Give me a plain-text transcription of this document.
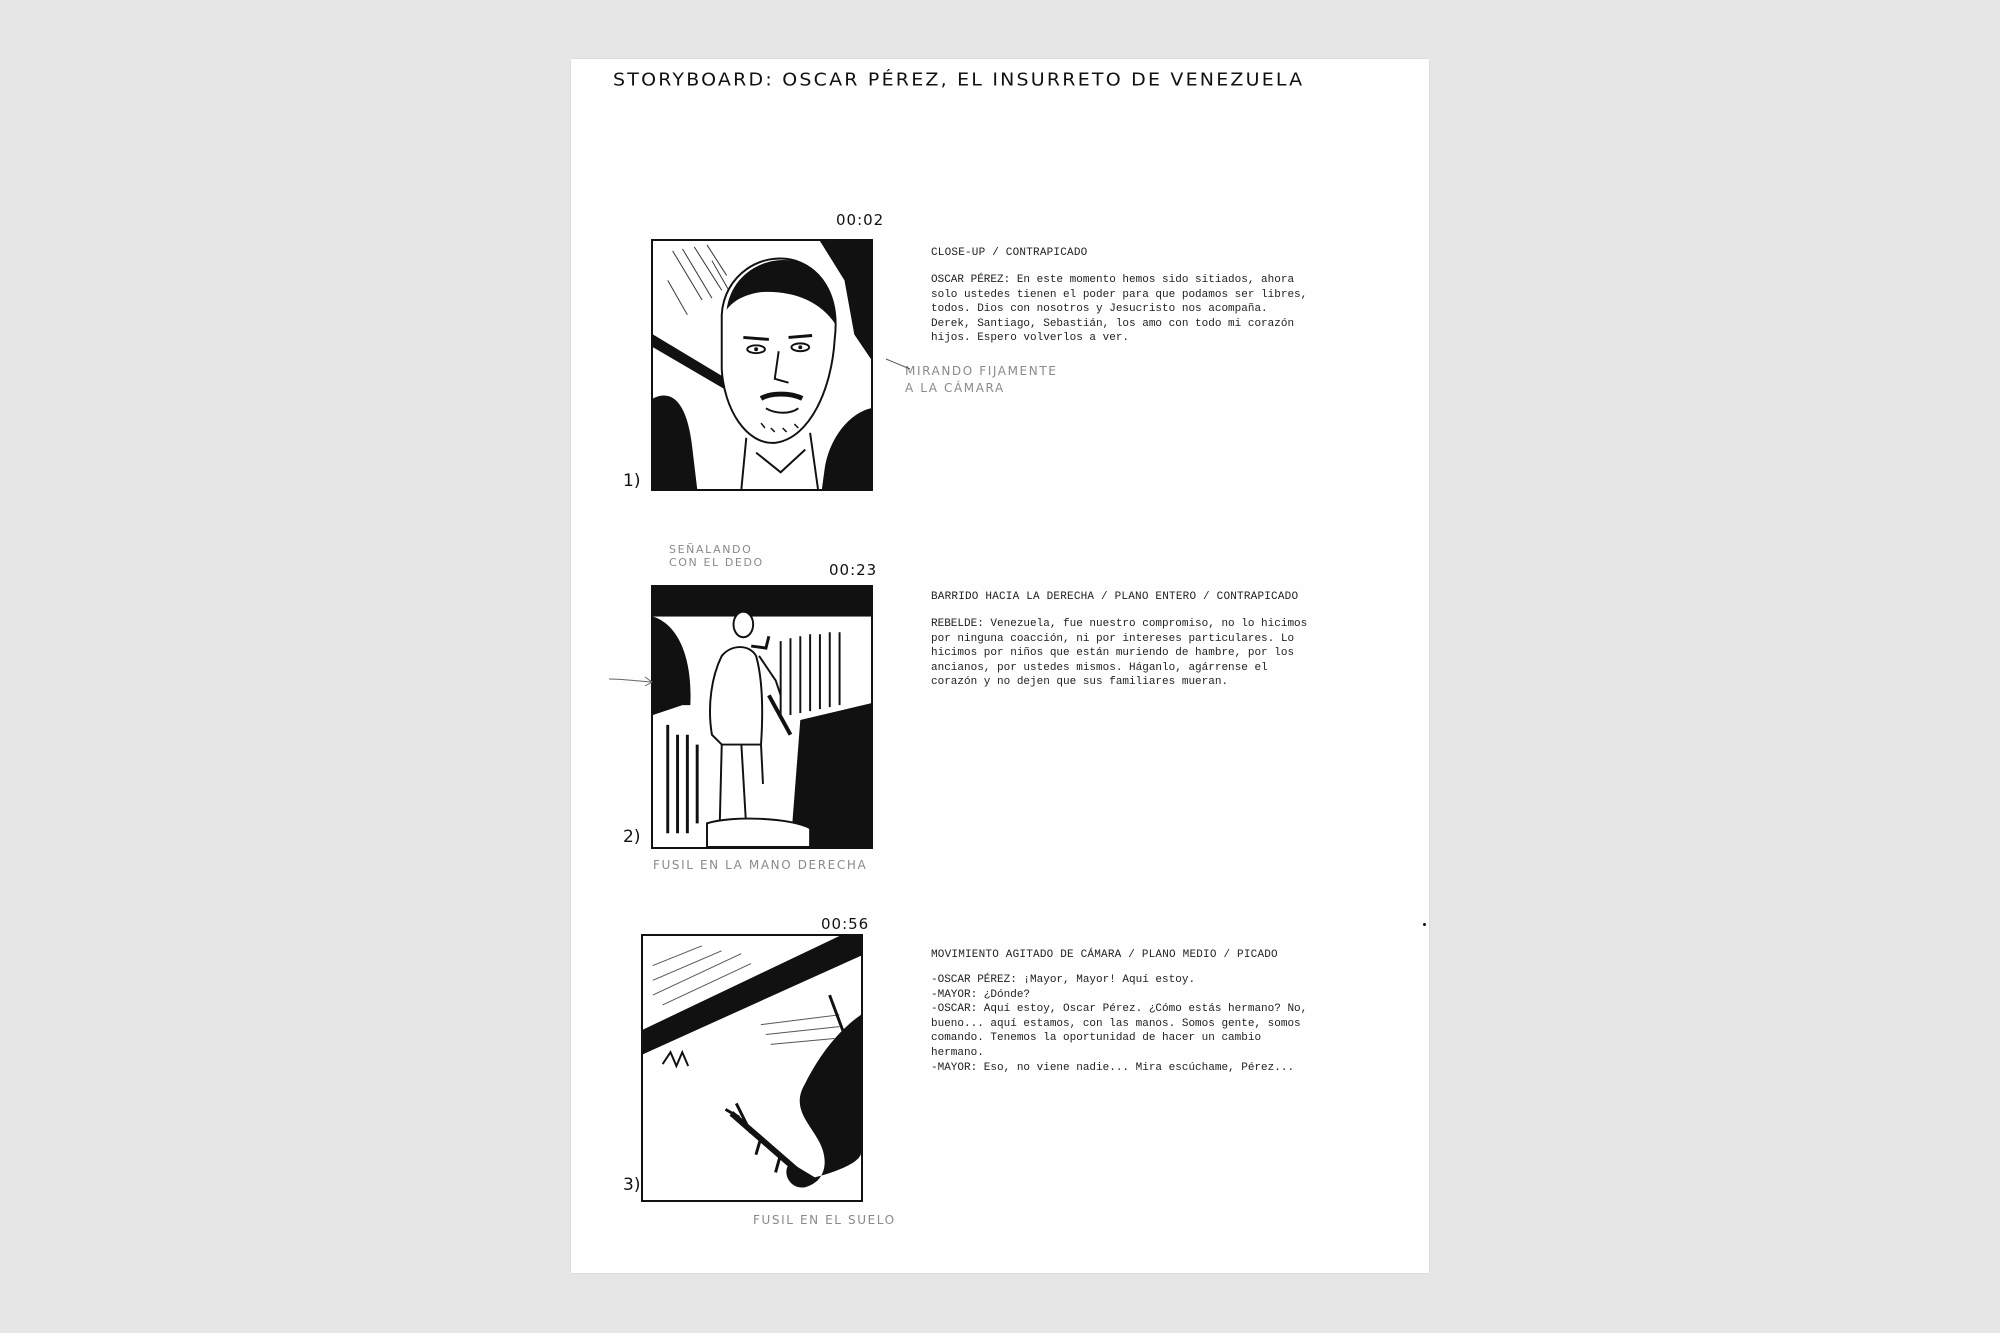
STORYBOARD: OSCAR PÉREZ, EL INSURRETO DE VENEZUELA
00:02
1)
CLOSE-UP / CONTRAPICADO
OSCAR PÉREZ: En este momento hemos sido sitiados, ahora
solo ustedes tienen el poder para que podamos ser libres,
todos. Dios con nosotros y Jesucristo nos acompaña.
Derek, Santiago, Sebastián, los amo con todo mi corazón
hijos. Espero volverlos a ver.
MIRANDO FIJAMENTE
A LA CÁMARA
SEÑALANDO
CON EL DEDO	00:23
2)
FUSIL EN LA MANO DERECHA
BARRIDO HACIA LA DERECHA / PLANO ENTERO / CONTRAPICADO
REBELDE: Venezuela, fue nuestro compromiso, no lo hicimos
por ninguna coacción, ni por intereses particulares. Lo
hicimos por niños que están muriendo de hambre, por los
ancianos, por ustedes mismos. Háganlo, agárrense el
corazón y no dejen que sus familiares mueran.
00:56
3)
FUSIL EN EL SUELO
MOVIMIENTO AGITADO DE CÁMARA / PLANO MEDIO / PICADO
-OSCAR PÉREZ: ¡Mayor, Mayor! Aquí estoy.
-MAYOR: ¿Dónde?
-OSCAR: Aquí estoy, Oscar Pérez. ¿Cómo estás hermano? No,
bueno... aquí estamos, con las manos. Somos gente, somos
comando. Tenemos la oportunidad de hacer un cambio
hermano.
-MAYOR: Eso, no viene nadie... Mira escúchame, Pérez...
